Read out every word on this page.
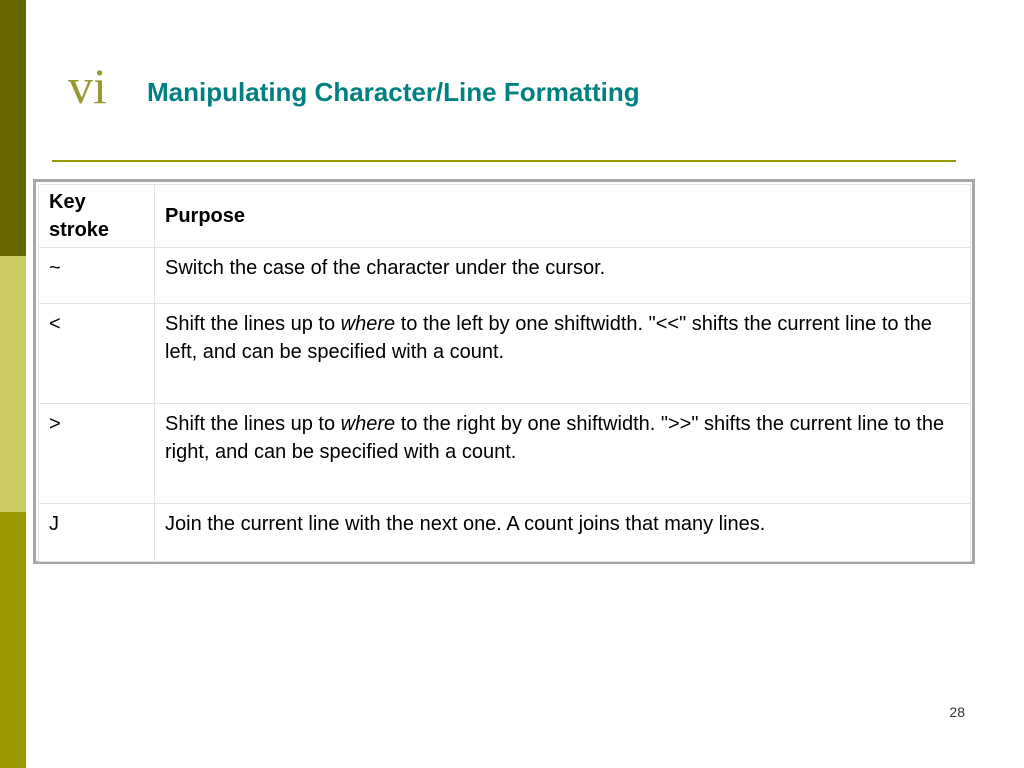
vi Manipulating Character/Line Formatting
Key stroke	Purpose
~	Switch the case of the character under the cursor.
<	Shift the lines up to where to the left by one shiftwidth. "<<" shifts the current line to the left, and can be specified with a count.
>	Shift the lines up to where to the right by one shiftwidth. ">>" shifts the current line to the right, and can be specified with a count.
J	Join the current line with the next one. A count joins that many lines.
28
